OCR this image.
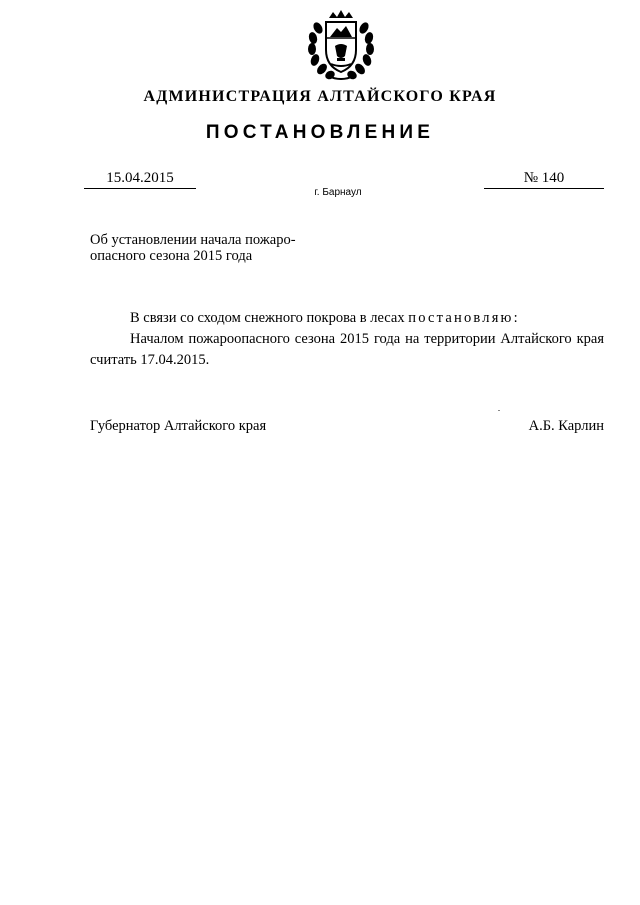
АДМИНИСТРАЦИЯ АЛТАЙСКОГО КРАЯ
ПОСТАНОВЛЕНИЕ
15.04.2015	№ 140
г. Барнаул
Об установлении начала пожаро-
опасного сезона 2015 года

В связи со сходом снежного покрова в лесах постановляю:

Началом пожароопасного сезона 2015 года на территории Алтайского края считать 17.04.2015.

Губернатор Алтайского края	А.Б. Карлин
